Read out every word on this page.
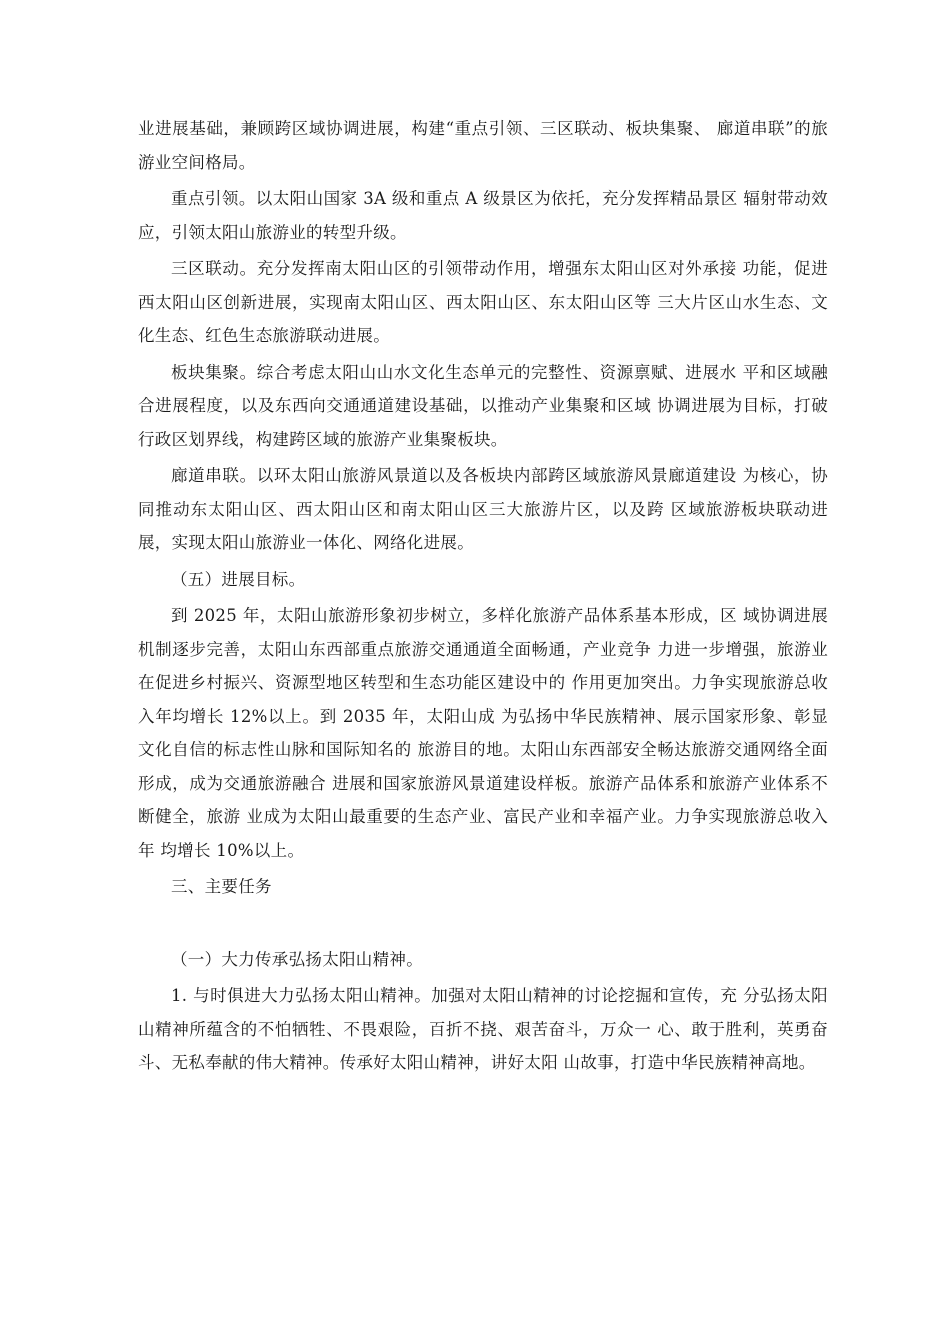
业进展基础，兼顾跨区域协调进展，构建“重点引领、三区联动、板块集聚、 廊道串联”的旅游业空间格局。

重点引领。以太阳山国家 3A 级和重点 A 级景区为依托，充分发挥精品景区 辐射带动效应，引领太阳山旅游业的转型升级。

三区联动。充分发挥南太阳山区的引领带动作用，增强东太阳山区对外承接 功能，促进西太阳山区创新进展，实现南太阳山区、西太阳山区、东太阳山区等 三大片区山水生态、文化生态、红色生态旅游联动进展。

板块集聚。综合考虑太阳山山水文化生态单元的完整性、资源禀赋、进展水 平和区域融合进展程度，以及东西向交通通道建设基础，以推动产业集聚和区域 协调进展为目标，打破行政区划界线，构建跨区域的旅游产业集聚板块。

廊道串联。以环太阳山旅游风景道以及各板块内部跨区域旅游风景廊道建设 为核心，协同推动东太阳山区、西太阳山区和南太阳山区三大旅游片区，以及跨 区域旅游板块联动进展，实现太阳山旅游业一体化、网络化进展。

（五）进展目标。

到 2025 年，太阳山旅游形象初步树立，多样化旅游产品体系基本形成，区 域协调进展机制逐步完善，太阳山东西部重点旅游交通通道全面畅通，产业竞争 力进一步增强，旅游业在促进乡村振兴、资源型地区转型和生态功能区建设中的 作用更加突出。力争实现旅游总收入年均增长 12%以上。到 2035 年，太阳山成 为弘扬中华民族精神、展示国家形象、彰显文化自信的标志性山脉和国际知名的 旅游目的地。太阳山东西部安全畅达旅游交通网络全面形成，成为交通旅游融合 进展和国家旅游风景道建设样板。旅游产品体系和旅游产业体系不断健全，旅游 业成为太阳山最重要的生态产业、富民产业和幸福产业。力争实现旅游总收入年 均增长 10%以上。

三、主要任务

（一）大力传承弘扬太阳山精神。

1. 与时俱进大力弘扬太阳山精神。加强对太阳山精神的讨论挖掘和宣传，充 分弘扬太阳山精神所蕴含的不怕牺牲、不畏艰险，百折不挠、艰苦奋斗，万众一 心、敢于胜利，英勇奋斗、无私奉献的伟大精神。传承好太阳山精神，讲好太阳 山故事，打造中华民族精神高地。
